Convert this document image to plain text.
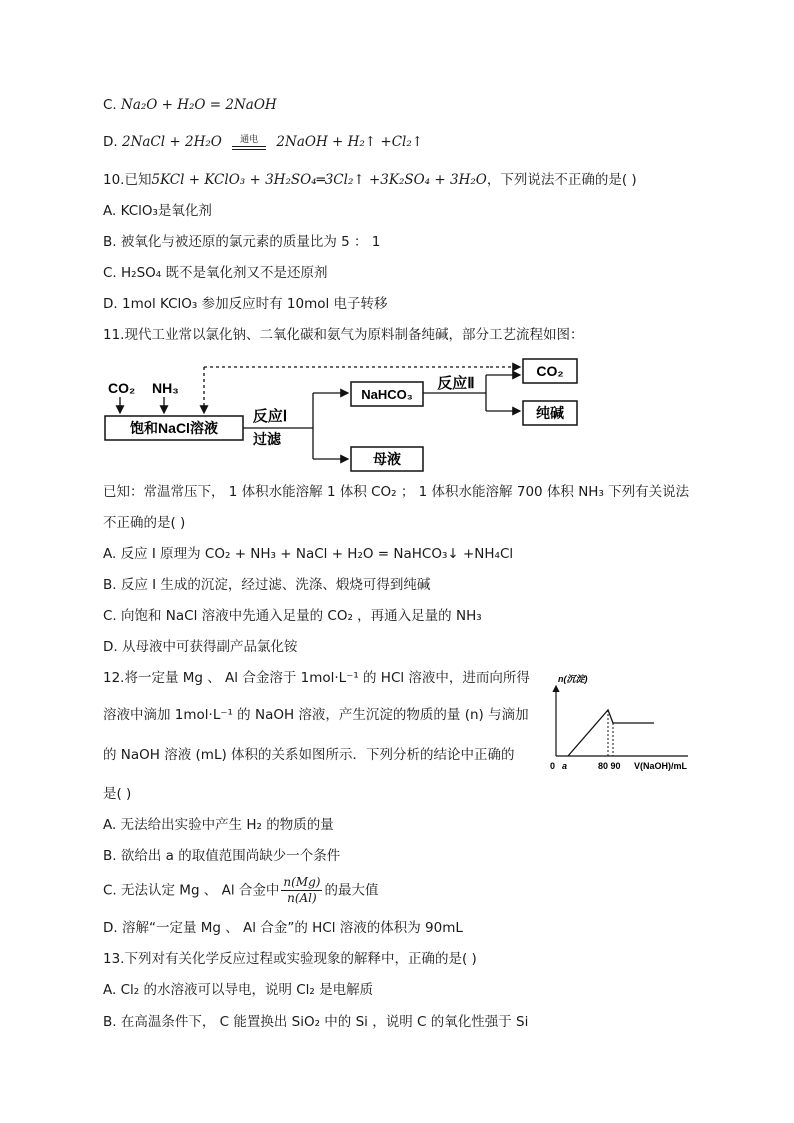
C. Na₂O + H₂O = 2NaOH
D. 2NaCl + 2H₂O	通电	2NaOH + H₂↑ +Cl₂↑
10.已知5KCl + KClO₃ + 3H₂SO₄═3Cl₂↑ +3K₂SO₄ + 3H₂O，下列说法不正确的是( )
A. KClO₃是氧化剂
B. 被氧化与被还原的氯元素的质量比为 5 ： 1
C. H₂SO₄ 既不是氧化剂又不是还原剂
D. 1mol KClO₃ 参加反应时有 10mol 电子转移
11.现代工业常以氯化钠、二氧化碳和氨气为原料制备纯碱，部分工艺流程如图：
CO₂ NH₃
饱和NaCl溶液
反应Ⅰ
过滤
NaHCO₃
反应Ⅱ
CO₂
纯碱
母液
已知：常温常压下， 1 体积水能溶解 1 体积 CO₂ ； 1 体积水能溶解 700 体积 NH₃ 下列有关说法
不正确的是( )
A. 反应 I 原理为 CO₂ + NH₃ + NaCl + H₂O = NaHCO₃↓ +NH₄Cl
B. 反应 I 生成的沉淀，经过滤、洗涤、煅烧可得到纯碱
C. 向饱和 NaCl 溶液中先通入足量的 CO₂ ，再通入足量的 NH₃
D. 从母液中可获得副产品氯化铵
12.将一定量 Mg 、 Al 合金溶于 1mol·L⁻¹ 的 HCl 溶液中，进而向所得
溶液中滴加 1mol·L⁻¹ 的 NaOH 溶液，产生沉淀的物质的量 (n) 与滴加
的 NaOH 溶液 (mL) 体积的关系如图所示．下列分析的结论中正确的
是( )
n(沉淀)
0 a	80 90 V(NaOH)/mL
A. 无法给出实验中产生 H₂ 的物质的量
B. 欲给出 a 的取值范围尚缺少一个条件
C. 无法认定 Mg 、 Al 合金中 $\frac{n(Mg)}{n(Al)}$ 的最大值
D. 溶解“一定量 Mg 、 Al 合金”的 HCl 溶液的体积为 90mL
13.下列对有关化学反应过程或实验现象的解释中，正确的是( )
A. Cl₂ 的水溶液可以导电，说明 Cl₂ 是电解质
B. 在高温条件下， C 能置换出 SiO₂ 中的 Si ，说明 C 的氧化性强于 Si
